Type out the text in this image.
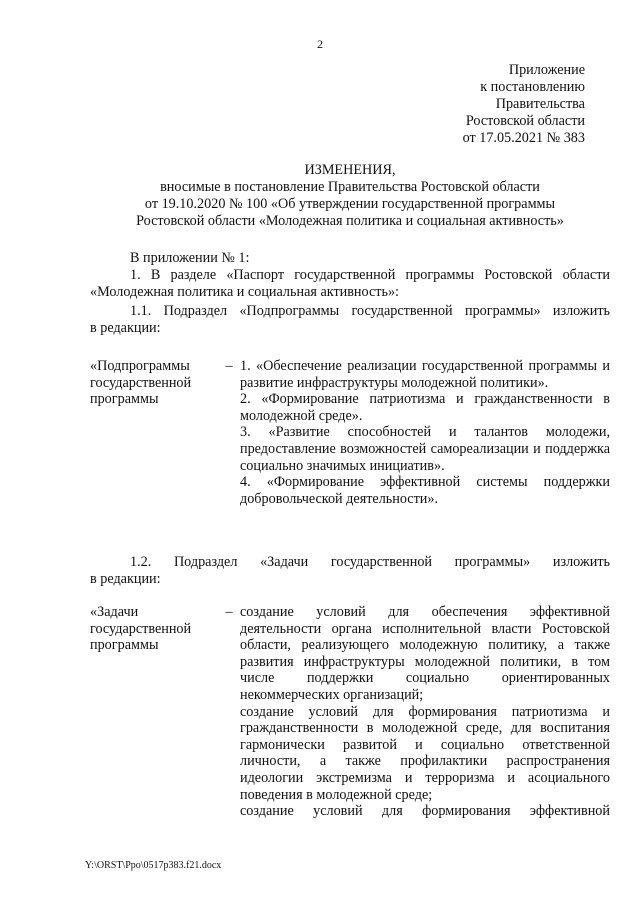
2
Приложение
к постановлению
Правительства
Ростовской области
от 17.05.2021 № 383
ИЗМЕНЕНИЯ,
вносимые в постановление Правительства Ростовской области
от 19.10.2020 № 100 «Об утверждении государственной программы
Ростовской области «Молодежная политика и социальная активность»
В приложении № 1:
1. В разделе «Паспорт государственной программы Ростовской области
«Молодежная политика и социальная активность»:
1.1. Подраздел «Подпрограммы государственной программы» изложить
в редакции:
«Подпрограммы
государственной
программы
– 1. «Обеспечение реализации государственной программы и развитие инфраструктуры молодежной политики».
2. «Формирование патриотизма и гражданственности в молодежной среде».
3. «Развитие способностей и талантов молодежи, предоставление возможностей самореализации и поддержка социально значимых инициатив».
4. «Формирование эффективной системы поддержки добровольческой деятельности».
1.2. Подраздел «Задачи государственной программы» изложить
в редакции:
«Задачи
государственной
программы
– создание условий для обеспечения эффективной деятельности органа исполнительной власти Ростовской области, реализующего молодежную политику, а также развития инфраструктуры молодежной политики, в том числе поддержки социально ориентированных некоммерческих организаций;
создание условий для формирования патриотизма и гражданственности в молодежной среде, для воспитания гармонически развитой и социально ответственной личности, а также профилактики распространения идеологии экстремизма и терроризма и асоциального поведения в молодежной среде;
создание условий для формирования эффективной
Y:\ORST\Ppo\0517p383.f21.docx
